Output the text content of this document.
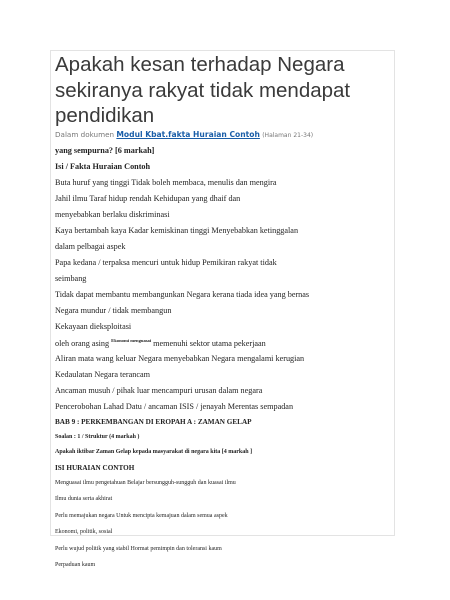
Apakah kesan terhadap Negara sekiranya rakyat tidak mendapat pendidikan
Dalam dokumen Modul Kbat.fakta Huraian Contoh (Halaman 21-34)
yang sempurna? [6 markah]
Isi / Fakta Huraian Contoh
Buta huruf yang tinggi Tidak boleh membaca, menulis dan mengira
Jahil ilmu Taraf hidup rendah Kehidupan yang dhaif dan
menyebabkan berlaku diskriminasi
Kaya bertambah kaya Kadar kemiskinan tinggi Menyebabkan ketinggalan
dalam pelbagai aspek
Papa kedana / terpaksa mencuri untuk hidup Pemikiran rakyat tidak
seimbang
Tidak dapat membantu membangunkan Negara kerana tiada idea yang bernas
Negara mundur / tidak membangun
Kekayaan dieksploitasi
oleh orang asing $^{Ekonomi menguasai}$ memenuhi sektor utama pekerjaan
Aliran mata wang keluar Negara menyebabkan Negara mengalami kerugian
Kedaulatan Negara terancam
Ancaman musuh / pihak luar mencampuri urusan dalam negara
Pencerobohan Lahad Datu / ancaman ISIS / jenayah Merentas sempadan
BAB 9 : PERKEMBANGAN DI EROPAH A : ZAMAN GELAP
Soalan : 1 / Struktur (4 markah )
Apakah iktibar Zaman Gelap kepada masyarakat di negara kita [4 markah ]
ISI HURAIAN CONTOH
Menguasai ilmu pengetahuan Belajar bersungguh-sungguh dan kuasai ilmu
Ilmu dunia serta akhirat
Perlu memajukan negara Untuk mencipta kemajuan dalam semua aspek
Ekonomi, politik, sosial
Perlu wujud politik yang stabil Hormat pemimpin dan toleransi kaum
Perpaduan kaum
